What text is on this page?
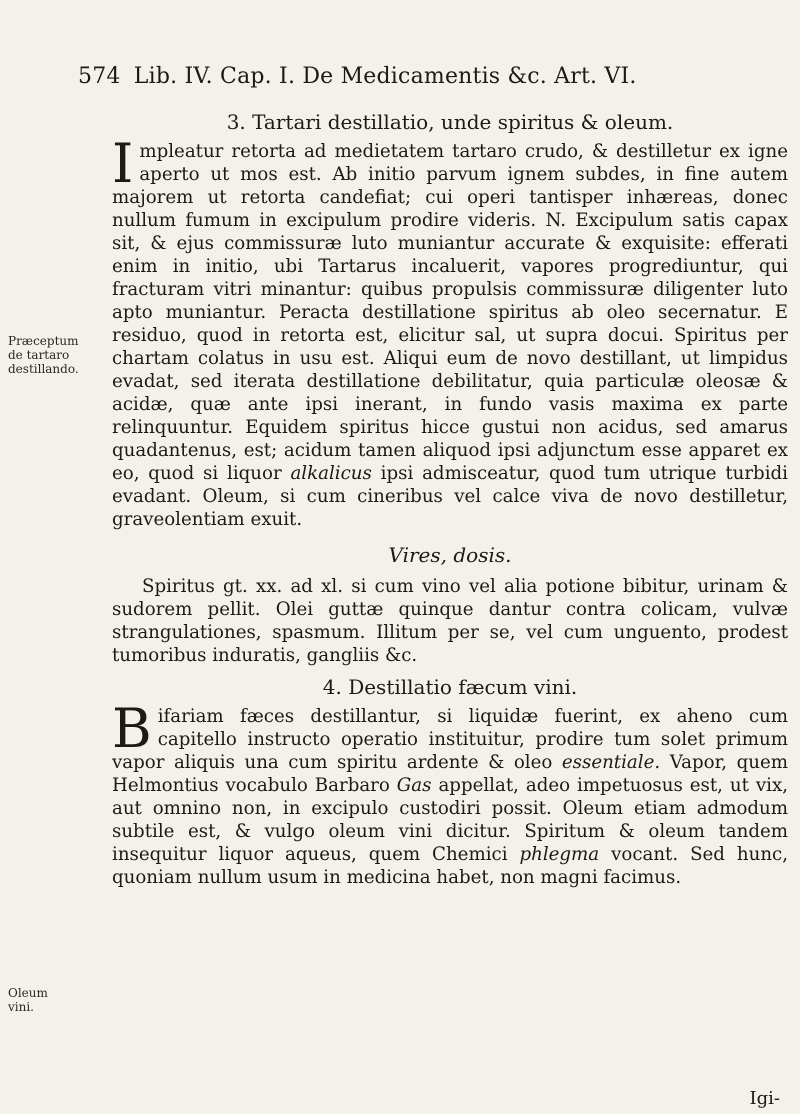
574 Lib. IV. Cap. I. De Medicamentis &c. Art. VI.
Præceptum de tartaro destillando.
Oleum vini.
3. Tartari destillatio, unde spiritus & oleum.

Impleatur retorta ad medietatem tartaro crudo, & destilletur ex igne aperto ut mos est. Ab initio parvum ignem subdes, in fine autem majorem ut retorta candefiat; cui operi tantisper inhæreas, donec nullum fumum in excipulum prodire videris. N. Excipulum satis capax sit, & ejus commissuræ luto muniantur accurate & exquisite: efferati enim in initio, ubi Tartarus incaluerit, vapores progrediuntur, qui fracturam vitri minantur: quibus propulsis commissuræ diligenter luto apto muniantur. Peracta destillatione spiritus ab oleo secernatur. E residuo, quod in retorta est, elicitur sal, ut supra docui. Spiritus per chartam colatus in usu est. Aliqui eum de novo destillant, ut limpidus evadat, sed iterata destillatione debilitatur, quia particulæ oleosæ & acidæ, quæ ante ipsi inerant, in fundo vasis maxima ex parte relinquuntur. Equidem spiritus hicce gustui non acidus, sed amarus quadantenus, est; acidum tamen aliquod ipsi adjunctum esse apparet ex eo, quod si liquor alkalicus ipsi admisceatur, quod tum utrique turbidi evadant. Oleum, si cum cineribus vel calce viva de novo destilletur, graveolentiam exuit.

Vires, dosis.

Spiritus gt. xx. ad xl. si cum vino vel alia potione bibitur, urinam & sudorem pellit. Olei guttæ quinque dantur contra colicam, vulvæ strangulationes, spasmum. Illitum per se, vel cum unguento, prodest tumoribus induratis, gangliis &c.

4. Destillatio fæcum vini.

Bifariam fæces destillantur, si liquidæ fuerint, ex aheno cum capitello instructo operatio instituitur, prodire tum solet primum vapor aliquis una cum spiritu ardente & oleo essentiale. Vapor, quem Helmontius vocabulo Barbaro Gas appellat, adeo impetuosus est, ut vix, aut omnino non, in excipulo custodiri possit. Oleum etiam admodum subtile est, & vulgo oleum vini dicitur. Spiritum & oleum tandem insequitur liquor aqueus, quem Chemici phlegma vocant. Sed hunc, quoniam nullum usum in medicina habet, non magni facimus.

Igi-
